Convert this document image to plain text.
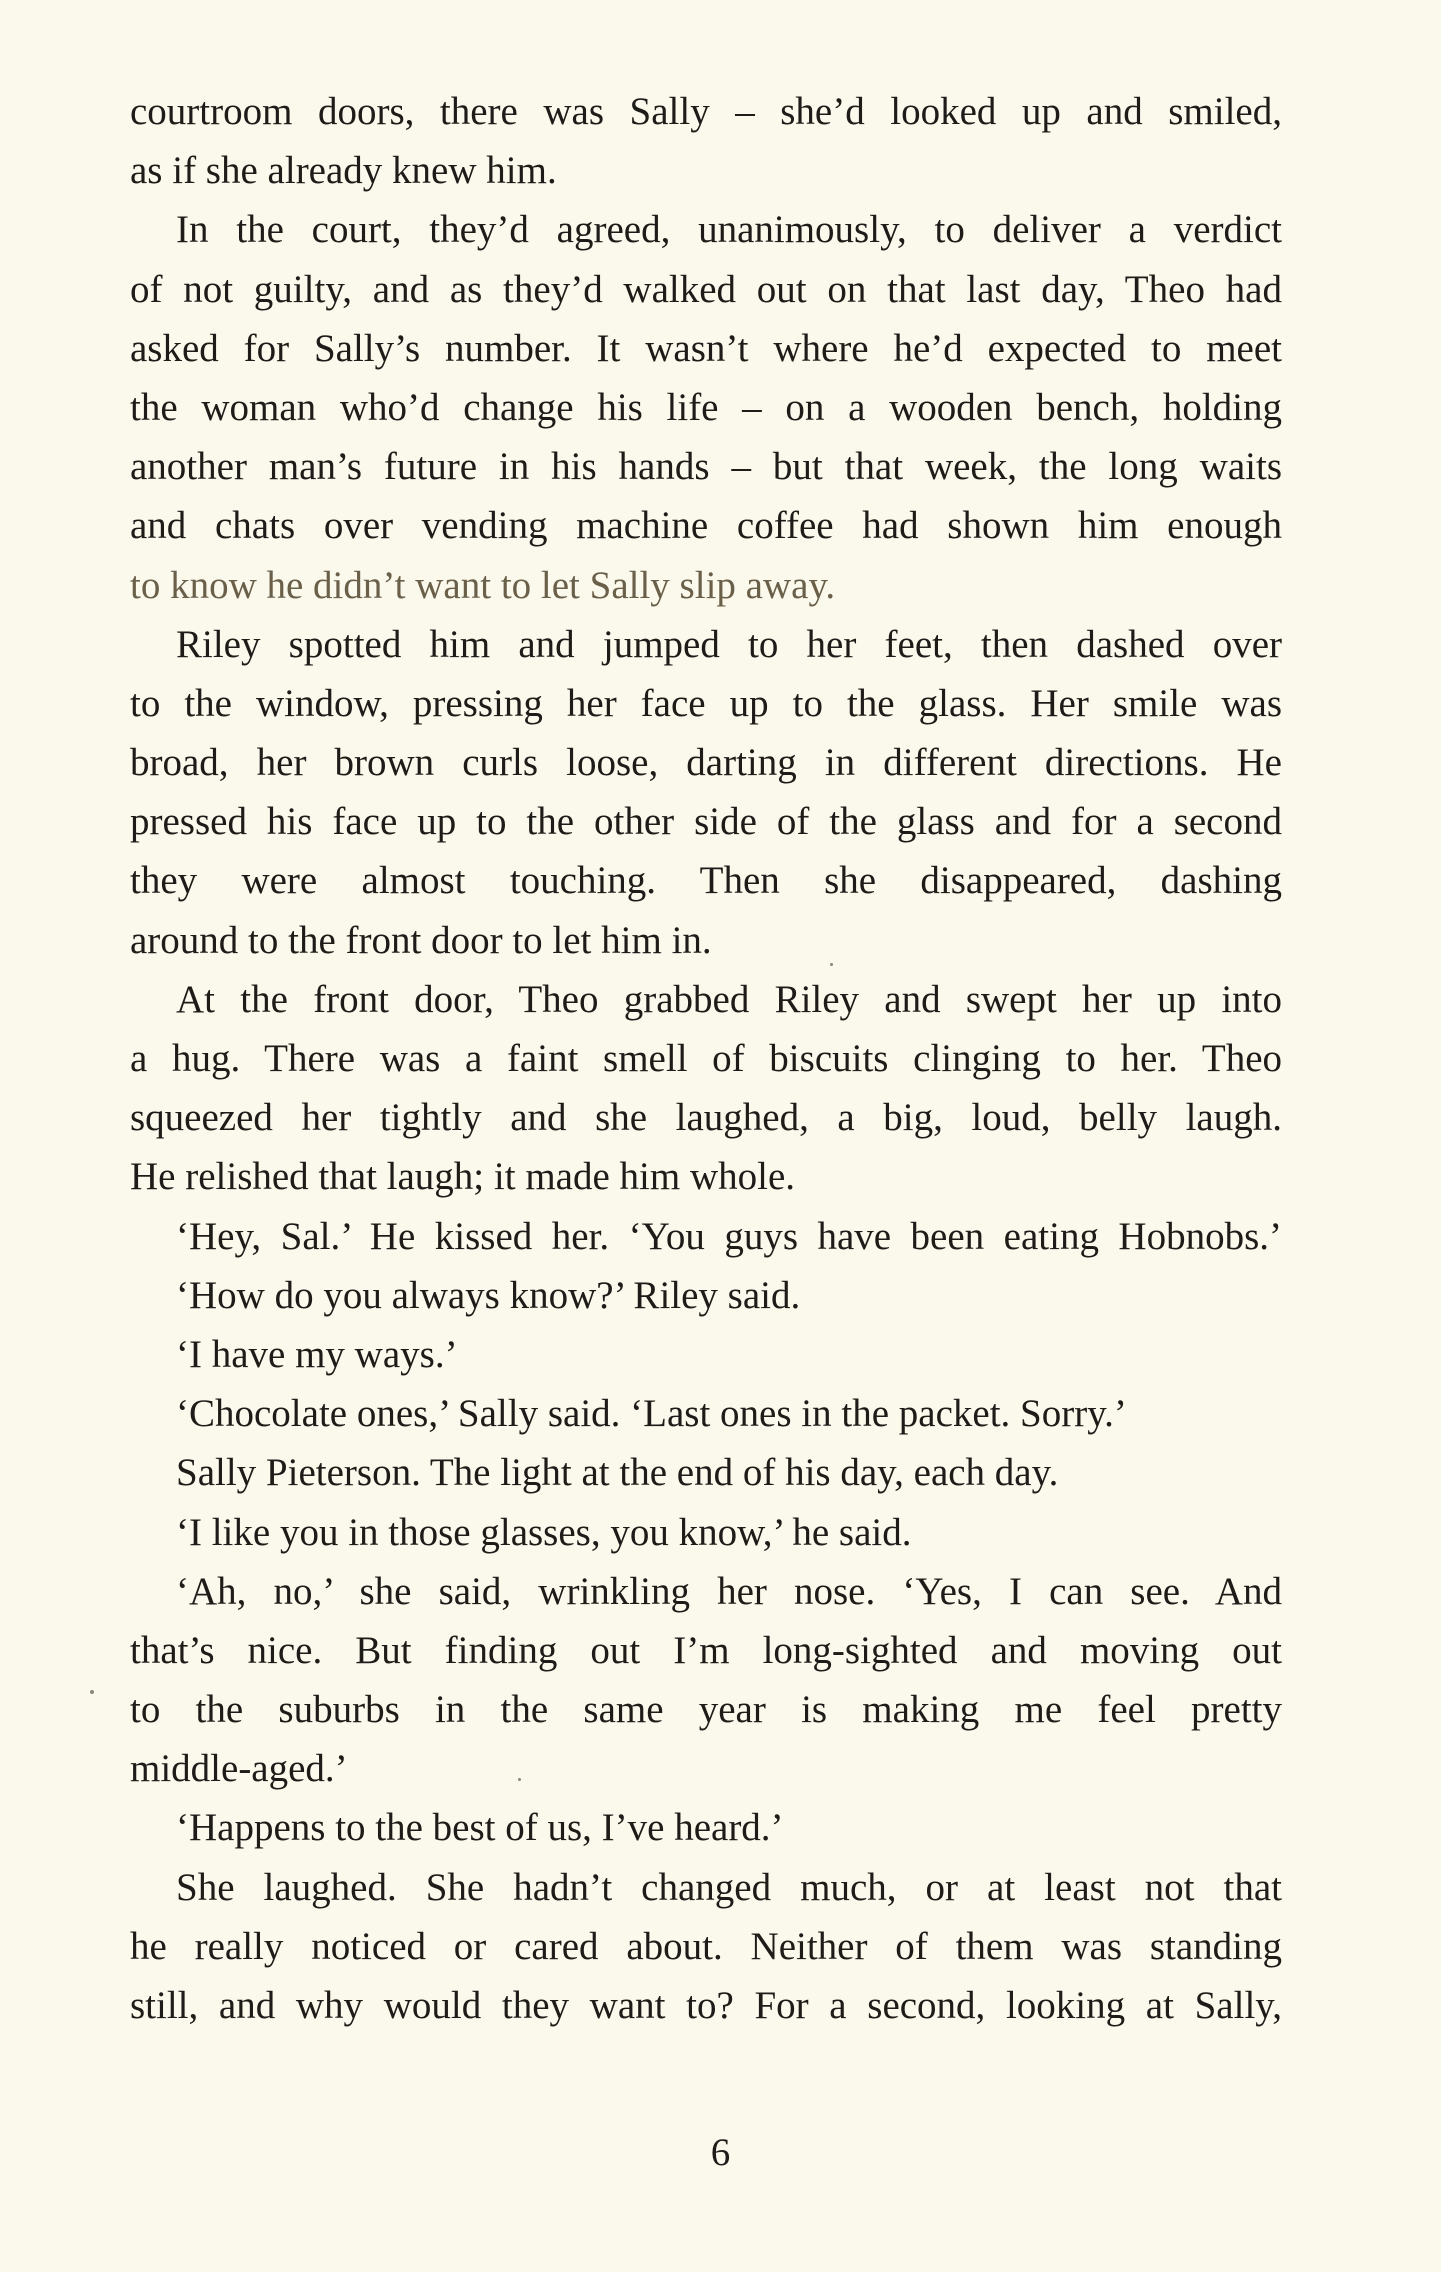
courtroom doors, there was Sally – she’d looked up and smiled,
as if she already knew him.
In the court, they’d agreed, unanimously, to deliver a verdict
of not guilty, and as they’d walked out on that last day, Theo had
asked for Sally’s number. It wasn’t where he’d expected to meet
the woman who’d change his life – on a wooden bench, holding
another man’s future in his hands – but that week, the long waits
and chats over vending machine coffee had shown him enough
to know he didn’t want to let Sally slip away.
Riley spotted him and jumped to her feet, then dashed over
to the window, pressing her face up to the glass. Her smile was
broad, her brown curls loose, darting in different directions. He
pressed his face up to the other side of the glass and for a second
they were almost touching. Then she disappeared, dashing
around to the front door to let him in.
At the front door, Theo grabbed Riley and swept her up into
a hug. There was a faint smell of biscuits clinging to her. Theo
squeezed her tightly and she laughed, a big, loud, belly laugh.
He relished that laugh; it made him whole.
‘Hey, Sal.’ He kissed her. ‘You guys have been eating Hobnobs.’
‘How do you always know?’ Riley said.
‘I have my ways.’
‘Chocolate ones,’ Sally said. ‘Last ones in the packet. Sorry.’
Sally Pieterson. The light at the end of his day, each day.
‘I like you in those glasses, you know,’ he said.
‘Ah, no,’ she said, wrinkling her nose. ‘Yes, I can see. And
that’s nice. But finding out I’m long-sighted and moving out
to the suburbs in the same year is making me feel pretty
middle-aged.’
‘Happens to the best of us, I’ve heard.’
She laughed. She hadn’t changed much, or at least not that
he really noticed or cared about. Neither of them was standing
still, and why would they want to? For a second, looking at Sally,
6
